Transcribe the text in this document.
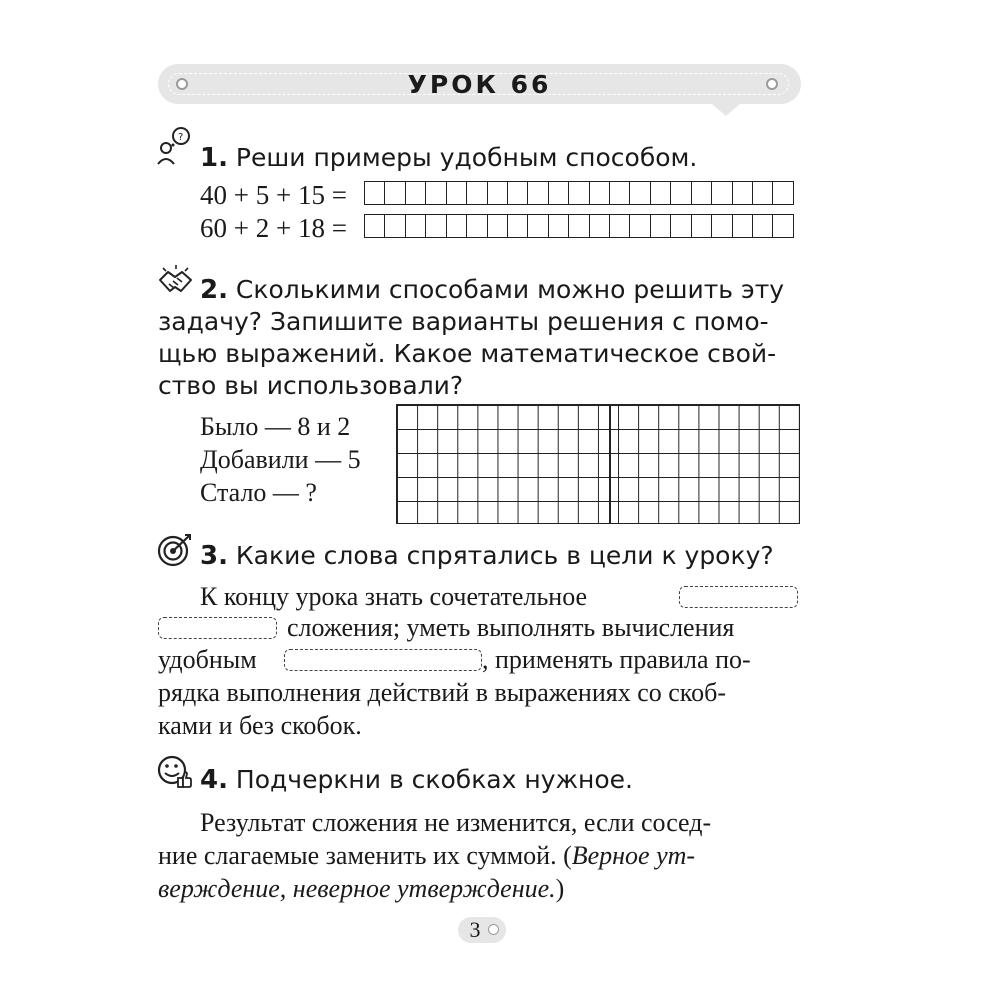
УРОК 66
?
1. Реши примеры удобным способом.
40 + 5 + 15 =
60 + 2 + 18 =
2. Сколькими способами можно решить эту
задачу? Запишите варианты решения с помо-
щью выражений. Какое математическое свой-
ство вы использовали?
Было — 8 и 2
Добавили — 5
Стало — ?
3. Какие слова спрятались в цели к уроку?
К концу урока знать сочетательное
сложения; уметь выполнять вычисления
удобным	, применять правила по-
рядка выполнения действий в выражениях со скоб-
ками и без скобок.
4. Подчеркни в скобках нужное.
Результат сложения не изменится, если сосед-
ние слагаемые заменить их суммой. (Верное ут-
верждение, неверное утверждение.)
3
